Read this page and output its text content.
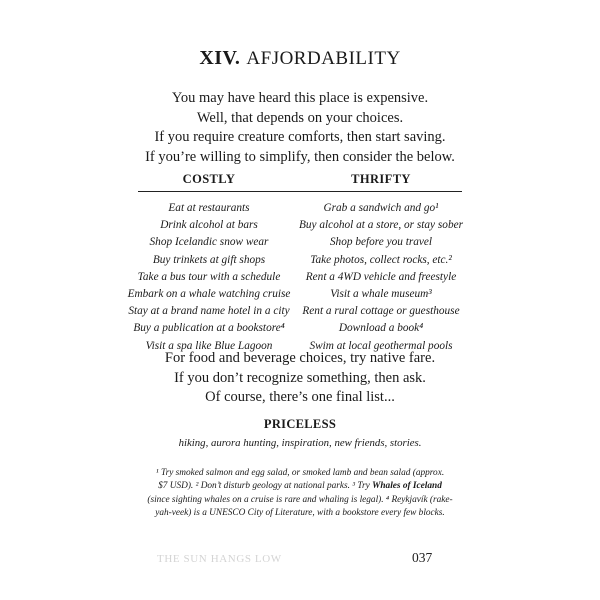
XIV. AFJORDABILITY
You may have heard this place is expensive.
Well, that depends on your choices.
If you require creature comforts, then start saving.
If you’re willing to simplify, then consider the below.
COSTLY	THRIFTY
Eat at restaurants
Drink alcohol at bars
Shop Icelandic snow wear
Buy trinkets at gift shops
Take a bus tour with a schedule
Embark on a whale watching cruise
Stay at a brand name hotel in a city
Buy a publication at a bookstore⁴
Visit a spa like Blue Lagoon
Grab a sandwich and go¹
Buy alcohol at a store, or stay sober
Shop before you travel
Take photos, collect rocks, etc.²
Rent a 4WD vehicle and freestyle
Visit a whale museum³
Rent a rural cottage or guesthouse
Download a book⁴
Swim at local geothermal pools
For food and beverage choices, try native fare.
If you don’t recognize something, then ask.
Of course, there’s one final list...
PRICELESS
hiking, aurora hunting, inspiration, new friends, stories.
¹ Try smoked salmon and egg salad, or smoked lamb and bean salad (approx.
$7 USD). ² Don’t disturb geology at national parks. ³ Try Whales of Iceland
(since sighting whales on a cruise is rare and whaling is legal). ⁴ Reykjavík (rake-
yah-veek) is a UNESCO City of Literature, with a bookstore every few blocks.
THE SUN HANGS LOW	037
